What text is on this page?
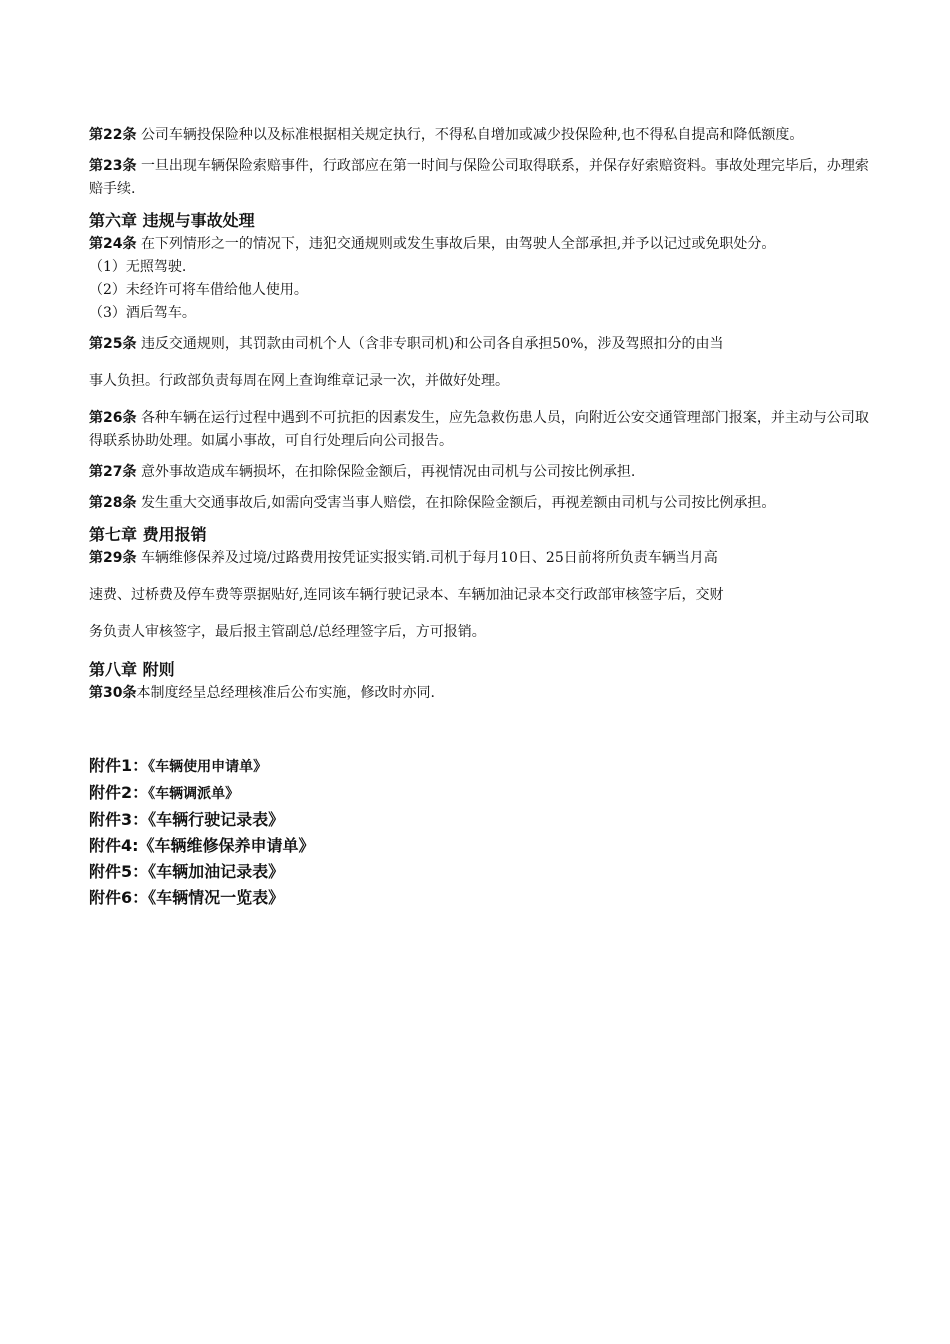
第22条 公司车辆投保险种以及标准根据相关规定执行，不得私自增加或减少投保险种,也不得私自提高和降低额度。

第23条 一旦出现车辆保险索赔事件，行政部应在第一时间与保险公司取得联系，并保存好索赔资料。事故处理完毕后，办理索赔手续.

第六章 违规与事故处理

第24条 在下列情形之一的情况下，违犯交通规则或发生事故后果，由驾驶人全部承担,并予以记过或免职处分。

（1）无照驾驶.

（2）未经许可将车借给他人使用。

（3）酒后驾车。

第25条 违反交通规则，其罚款由司机个人（含非专职司机)和公司各自承担50%，涉及驾照扣分的由当

事人负担。行政部负责每周在网上查询维章记录一次，并做好处理。

第26条 各种车辆在运行过程中遇到不可抗拒的因素发生，应先急救伤患人员，向附近公安交通管理部门报案，并主动与公司取得联系协助处理。如属小事故，可自行处理后向公司报告。

第27条 意外事故造成车辆损坏，在扣除保险金额后，再视情况由司机与公司按比例承担.

第28条 发生重大交通事故后,如需向受害当事人赔偿，在扣除保险金额后，再视差额由司机与公司按比例承担。

第七章 费用报销

第29条 车辆维修保养及过境/过路费用按凭证实报实销.司机于每月10日、25日前将所负责车辆当月高

速费、过桥费及停车费等票据贴好,连同该车辆行驶记录本、车辆加油记录本交行政部审核签字后，交财

务负责人审核签字，最后报主管副总/总经理签字后，方可报销。

第八章 附则

第30条本制度经呈总经理核准后公布实施，修改时亦同.

附件1：《车辆使用申请单》

附件2：《车辆调派单》

附件3：《车辆行驶记录表》

附件4:《车辆维修保养申请单》

附件5：《车辆加油记录表》

附件6：《车辆情况一览表》
